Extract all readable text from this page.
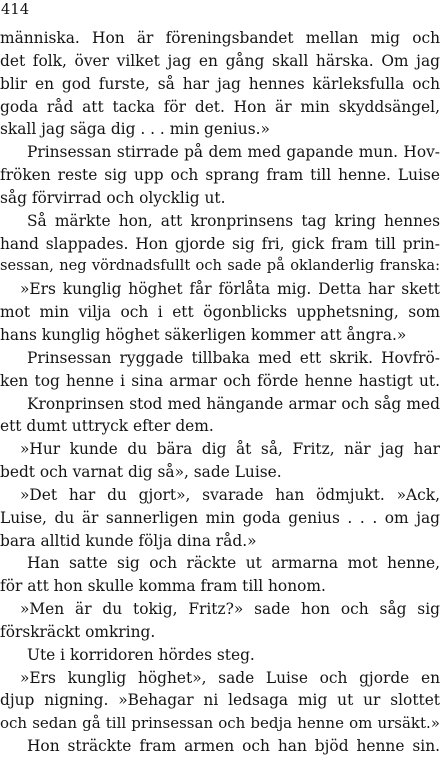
414
människa. Hon är föreningsbandet mellan mig och
det folk, över vilket jag en gång skall härska. Om jag
blir en god furste, så har jag hennes kärleksfulla och
goda råd att tacka för det. Hon är min skyddsängel,
skall jag säga dig . . . min genius.»
Prinsessan stirrade på dem med gapande mun. Hov-
fröken reste sig upp och sprang fram till henne. Luise
såg förvirrad och olycklig ut.
Så märkte hon, att kronprinsens tag kring hennes
hand slappades. Hon gjorde sig fri, gick fram till prin-
sessan, neg vördnadsfullt och sade på oklanderlig franska:
»Ers kunglig höghet får förlåta mig. Detta har skett
mot min vilja och i ett ögonblicks upphetsning, som
hans kunglig höghet säkerligen kommer att ångra.»
Prinsessan ryggade tillbaka med ett skrik. Hovfrö-
ken tog henne i sina armar och förde henne hastigt ut.
Kronprinsen stod med hängande armar och såg med
ett dumt uttryck efter dem.
»Hur kunde du bära dig åt så, Fritz, när jag har
bedt och varnat dig så», sade Luise.
»Det har du gjort», svarade han ödmjukt. »Ack,
Luise, du är sannerligen min goda genius . . . om jag
bara alltid kunde följa dina råd.»
Han satte sig och räckte ut armarna mot henne,
för att hon skulle komma fram till honom.
»Men är du tokig, Fritz?» sade hon och såg sig
förskräckt omkring.
Ute i korridoren hördes steg.
»Ers kunglig höghet», sade Luise och gjorde en
djup nigning. »Behagar ni ledsaga mig ut ur slottet
och sedan gå till prinsessan och bedja henne om ursäkt.»
Hon sträckte fram armen och han bjöd henne sin.
